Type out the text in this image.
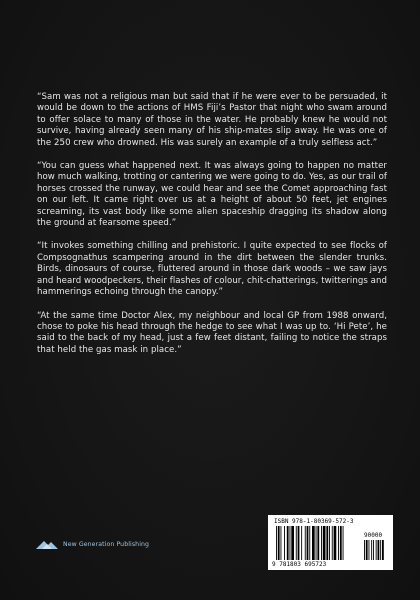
“Sam was not a religious man but said that if he were ever to be persuaded, it would be down to the actions of HMS Fiji’s Pastor that night who swam around to offer solace to many of those in the water. He probably knew he would not survive, having already seen many of his ship-mates slip away. He was one of the 250 crew who drowned. His was surely an example of a truly selfless act.”

“You can guess what happened next. It was always going to happen no matter how much walking, trotting or cantering we were going to do. Yes, as our trail of horses crossed the runway, we could hear and see the Comet approaching fast on our left. It came right over us at a height of about 50 feet, jet engines screaming, its vast body like some alien spaceship dragging its shadow along the ground at fearsome speed.”

“It invokes something chilling and prehistoric. I quite expected to see flocks of Compsognathus scampering around in the dirt between the slender trunks. Birds, dinosaurs of course, fluttered around in those dark woods – we saw jays and heard woodpeckers, their flashes of colour, chit-chatterings, twitterings and hammerings echoing through the canopy.”

“At the same time Doctor Alex, my neighbour and local GP from 1988 onward, chose to poke his head through the hedge to see what I was up to. ‘Hi Pete’, he said to the back of my head, just a few feet distant, failing to notice the straps that held the gas mask in place.”

New Generation Publishing
ISBN 978-1-80369-572-3
90000
9 781803 695723
